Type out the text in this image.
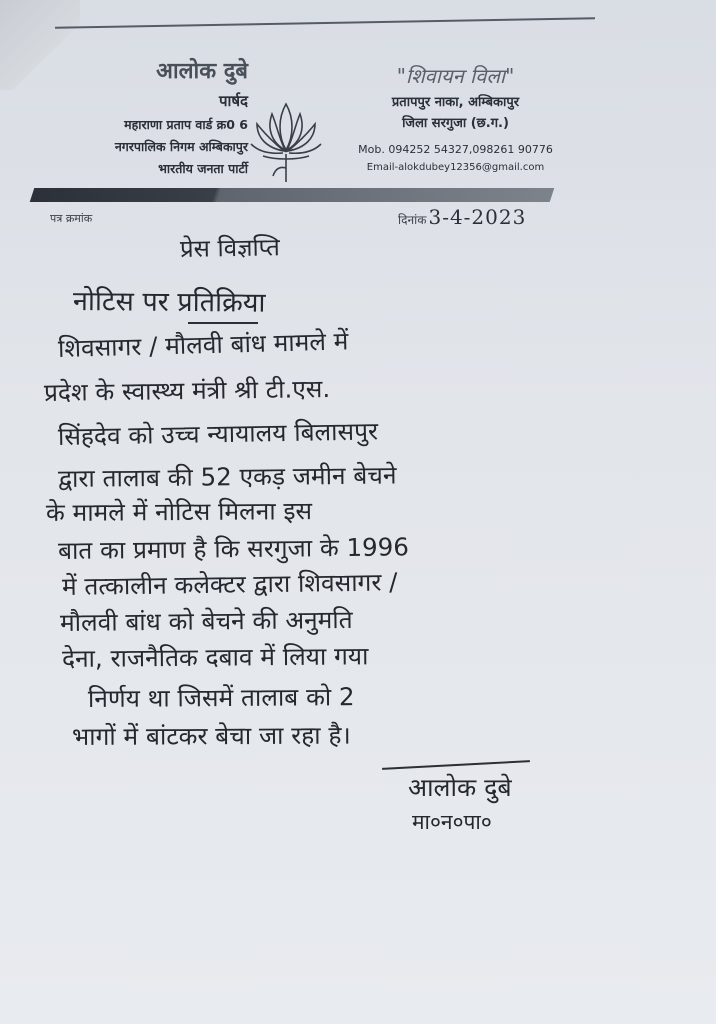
आलोक दुबे
पार्षद
महाराणा प्रताप वार्ड क्र0 6
नगरपालिक निगम अम्बिकापुर
भारतीय जनता पार्टी
"शिवायन विला"
प्रतापपुर नाका, अम्बिकापुर
जिला सरगुजा (छ.ग.)
Mob. 094252 54327,098261 90776
Email-alokdubey12356@gmail.com
पत्र क्रमांक	दिनांक 3-4-2023
प्रेस विज्ञप्ति
नोटिस पर प्रतिक्रिया
शिवसागर / मौलवी बांध मामले में
प्रदेश के स्वास्थ्य मंत्री श्री टी.एस.
सिंहदेव को उच्च न्यायालय बिलासपुर
द्वारा तालाब की 52 एकड़ जमीन बेचने
के मामले में नोटिस मिलना इस
बात का प्रमाण है कि सरगुजा के 1996
में तत्कालीन कलेक्टर द्वारा शिवसागर /
मौलवी बांध को बेचने की अनुमति
देना, राजनैतिक दबाव में लिया गया
निर्णय था जिसमें तालाब को 2
भागों में बांटकर बेचा जा रहा है।
आलोक दुबे
मा०न०पा०
